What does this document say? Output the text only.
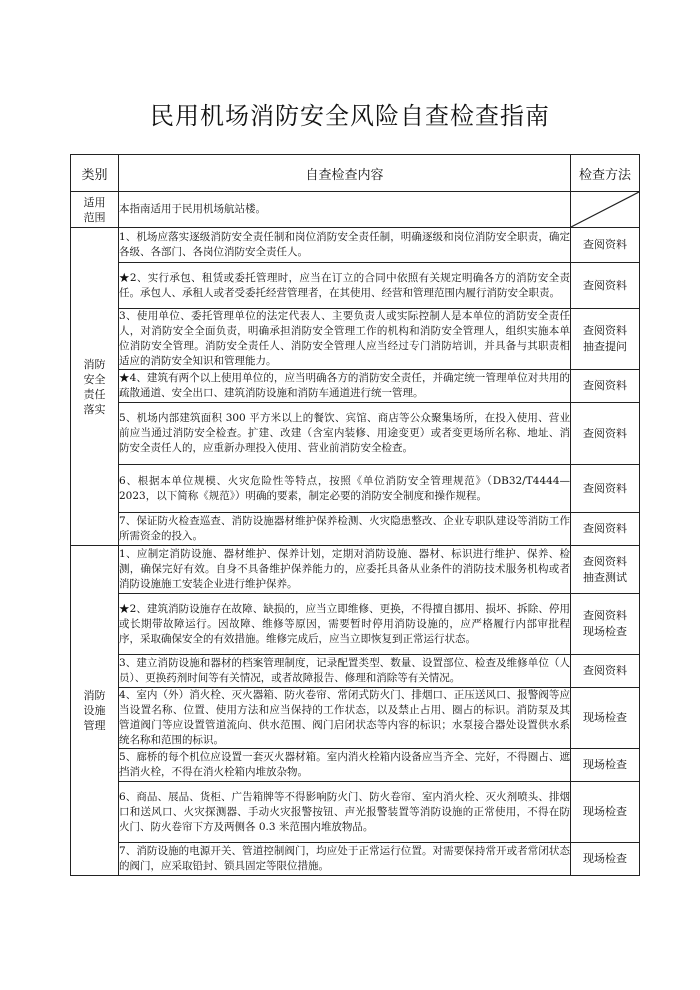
民用机场消防安全风险自查检查指南
类别	自查检查内容	检查方法
适用范围	本指南适用于民用机场航站楼。	

消防安全责任落实	1、机场应落实逐级消防安全责任制和岗位消防安全责任制，明确逐级和岗位消防安全职责，确定各级、各部门、各岗位消防安全责任人。	查阅资料

	★2、实行承包、租赁或委托管理时，应当在订立的合同中依照有关规定明确各方的消防安全责任。承包人、承租人或者受委托经营管理者，在其使用、经营和管理范围内履行消防安全职责。	查阅资料

	3、使用单位、委托管理单位的法定代表人、主要负责人或实际控制人是本单位的消防安全责任人，对消防安全全面负责，明确承担消防安全管理工作的机构和消防安全管理人，组织实施本单位消防安全管理。消防安全责任人、消防安全管理人应当经过专门消防培训，并具备与其职责相适应的消防安全知识和管理能力。	查阅资料
抽查提问

	★4、建筑有两个以上使用单位的，应当明确各方的消防安全责任，并确定统一管理单位对共用的疏散通道、安全出口、建筑消防设施和消防车通道进行统一管理。	查阅资料

	5、机场内部建筑面积 300 平方米以上的餐饮、宾馆、商店等公众聚集场所，在投入使用、营业前应当通过消防安全检查。扩建、改建（含室内装修、用途变更）或者变更场所名称、地址、消防安全责任人的，应重新办理投入使用、营业前消防安全检查。	查阅资料

	6、根据本单位规模、火灾危险性等特点，按照《单位消防安全管理规范》（DB32/T4444—2023，以下简称《规范》）明确的要素，制定必要的消防安全制度和操作规程。	查阅资料

	7、保证防火检查巡查、消防设施器材维护保养检测、火灾隐患整改、企业专职队建设等消防工作所需资金的投入。	查阅资料

消防设施管理	1、应制定消防设施、器材维护、保养计划，定期对消防设施、器材、标识进行维护、保养、检测，确保完好有效。自身不具备维护保养能力的，应委托具备从业条件的消防技术服务机构或者消防设施施工安装企业进行维护保养。	查阅资料
抽查测试

	★2、建筑消防设施存在故障、缺损的，应当立即维修、更换，不得擅自挪用、损坏、拆除、停用或长期带故障运行。因故障、维修等原因，需要暂时停用消防设施的，应严格履行内部审批程序，采取确保安全的有效措施。维修完成后，应当立即恢复到正常运行状态。	查阅资料
现场检查

	3、建立消防设施和器材的档案管理制度，记录配置类型、数量、设置部位、检查及维修单位（人员）、更换药剂时间等有关情况，或者故障报告、修理和消除等有关情况。	查阅资料

	4、室内（外）消火栓、灭火器箱、防火卷帘、常闭式防火门、排烟口、正压送风口、报警阀等应当设置名称、位置、使用方法和应当保持的工作状态，以及禁止占用、圈占的标识。消防泵及其管道阀门等应设置管道流向、供水范围、阀门启闭状态等内容的标识；水泵接合器处设置供水系统名称和范围的标识。	现场检查

	5、廊桥的每个机位应设置一套灭火器材箱。室内消火栓箱内设备应当齐全、完好，不得圈占、遮挡消火栓，不得在消火栓箱内堆放杂物。	现场检查

	6、商品、展品、货柜、广告箱牌等不得影响防火门、防火卷帘、室内消火栓、灭火剂喷头、排烟口和送风口、火灾探测器、手动火灾报警按钮、声光报警装置等消防设施的正常使用，不得在防火门、防火卷帘下方及两侧各 0.3 米范围内堆放物品。	现场检查

	7、消防设施的电源开关、管道控制阀门，均应处于正常运行位置。对需要保持常开或者常闭状态的阀门，应采取铅封、锁具固定等限位措施。	现场检查
